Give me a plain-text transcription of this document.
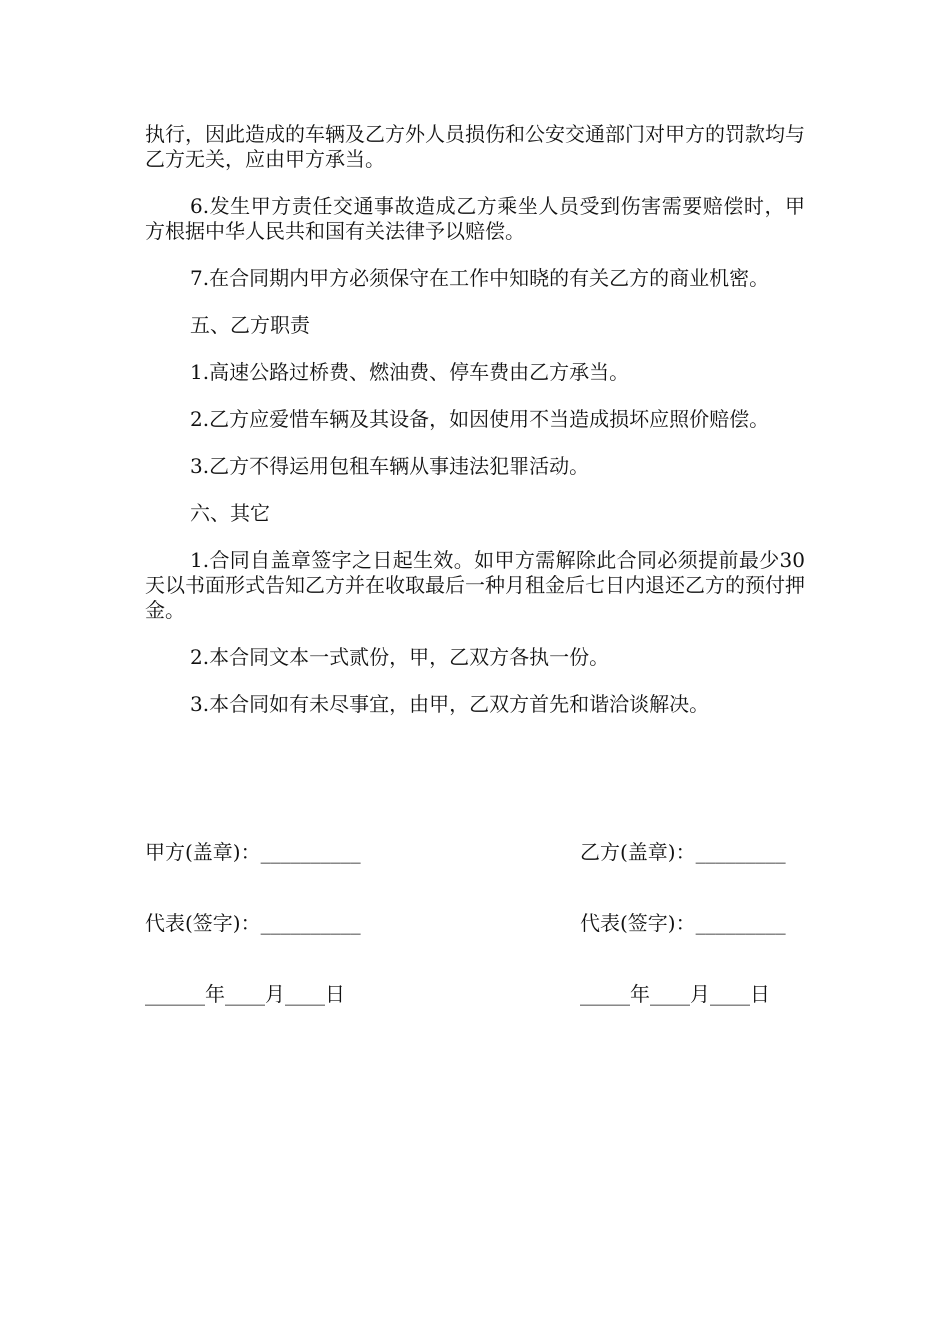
执行，因此造成的车辆及乙方外人员损伤和公安交通部门对甲方的罚款均与乙方无关，应由甲方承当。

6.发生甲方责任交通事故造成乙方乘坐人员受到伤害需要赔偿时，甲方根据中华人民共和国有关法律予以赔偿。

7.在合同期内甲方必须保守在工作中知晓的有关乙方的商业机密。

五、乙方职责

1.高速公路过桥费、燃油费、停车费由乙方承当。

2.乙方应爱惜车辆及其设备，如因使用不当造成损坏应照价赔偿。

3.乙方不得运用包租车辆从事违法犯罪活动。

六、其它

1.合同自盖章签字之日起生效。如甲方需解除此合同必须提前最少30天以书面形式告知乙方并在收取最后一种月租金后七日内退还乙方的预付押金。

2.本合同文本一式贰份，甲，乙双方各执一份。

3.本合同如有未尽事宜，由甲，乙双方首先和谐洽谈解决。

甲方(盖章)：__________	乙方(盖章)：_________
代表(签字)：__________	代表(签字)：_________
______年____月____日	_____年____月____日
